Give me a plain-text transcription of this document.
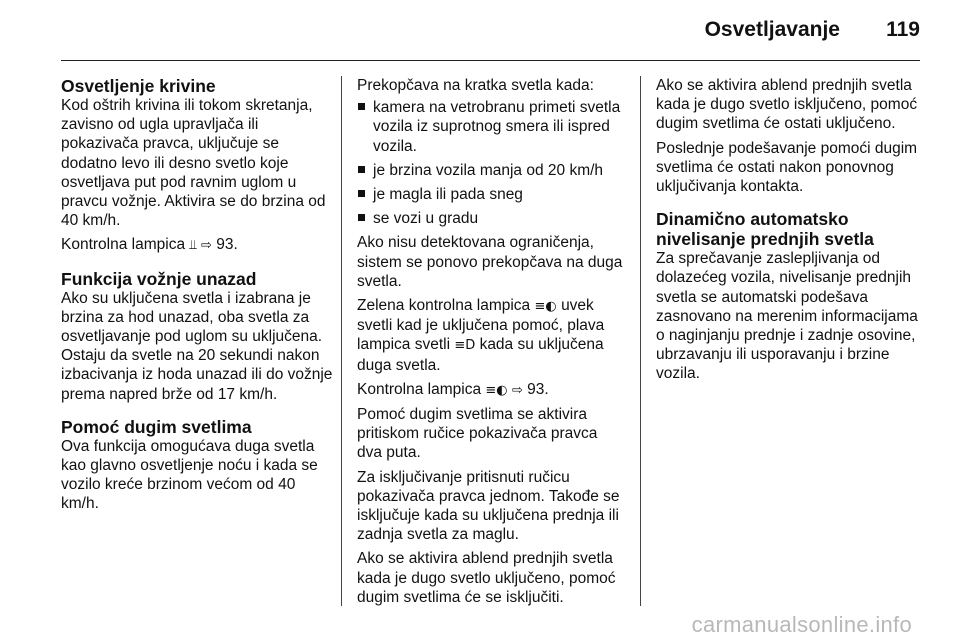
Osvetljavanje 119
Osvetljenje krivine

Kod oštrih krivina ili tokom skretanja, zavisno od ugla upravljača ili pokazivača pravca, uključuje se dodatno levo ili desno svetlo koje osvetljava put pod ravnim uglom u pravcu vožnje. Aktivira se do brzina od 40 km/h.

Kontrolna lampica ⫫ ⇨ 93.

Funkcija vožnje unazad

Ako su uključena svetla i izabrana je brzina za hod unazad, oba svetla za osvetljavanje pod uglom su uključena. Ostaju da svetle na 20 sekundi nakon izbacivanja iz hoda unazad ili do vožnje prema napred brže od 17 km/h.

Pomoć dugim svetlima

Ova funkcija omogućava duga svetla kao glavno osvetljenje noću i kada se vozilo kreće brzinom većom od 40 km/h.

Prekopčava na kratka svetla kada:

kamera na vetrobranu primeti svetla vozila iz suprotnog smera ili ispred vozila.
je brzina vozila manja od 20 km/h
je magla ili pada sneg
se vozi u gradu

Ako nisu detektovana ograničenja, sistem se ponovo prekopčava na duga svetla.

Zelena kontrolna lampica ≡◐ uvek svetli kad je uključena pomoć, plava lampica svetli ≡D kada su uključena duga svetla.

Kontrolna lampica ≡◐ ⇨ 93.

Pomoć dugim svetlima se aktivira pritiskom ručice pokazivača pravca dva puta.

Za isključivanje pritisnuti ručicu pokazivača pravca jednom. Takođe se isključuje kada su uključena prednja ili zadnja svetla za maglu.

Ako se aktivira ablend prednjih svetla kada je dugo svetlo uključeno, pomoć dugim svetlima će se isključiti.

Ako se aktivira ablend prednjih svetla kada je dugo svetlo isključeno, pomoć dugim svetlima će ostati uključeno.

Poslednje podešavanje pomoći dugim svetlima će ostati nakon ponovnog uključivanja kontakta.

Dinamično automatsko nivelisanje prednjih svetla

Za sprečavanje zaslepljivanja od dolazećeg vozila, nivelisanje prednjih svetla se automatski podešava zasnovano na merenim informacijama o naginjanju prednje i zadnje osovine, ubrzavanju ili usporavanju i brzine vozila.

carmanualsonline.info
